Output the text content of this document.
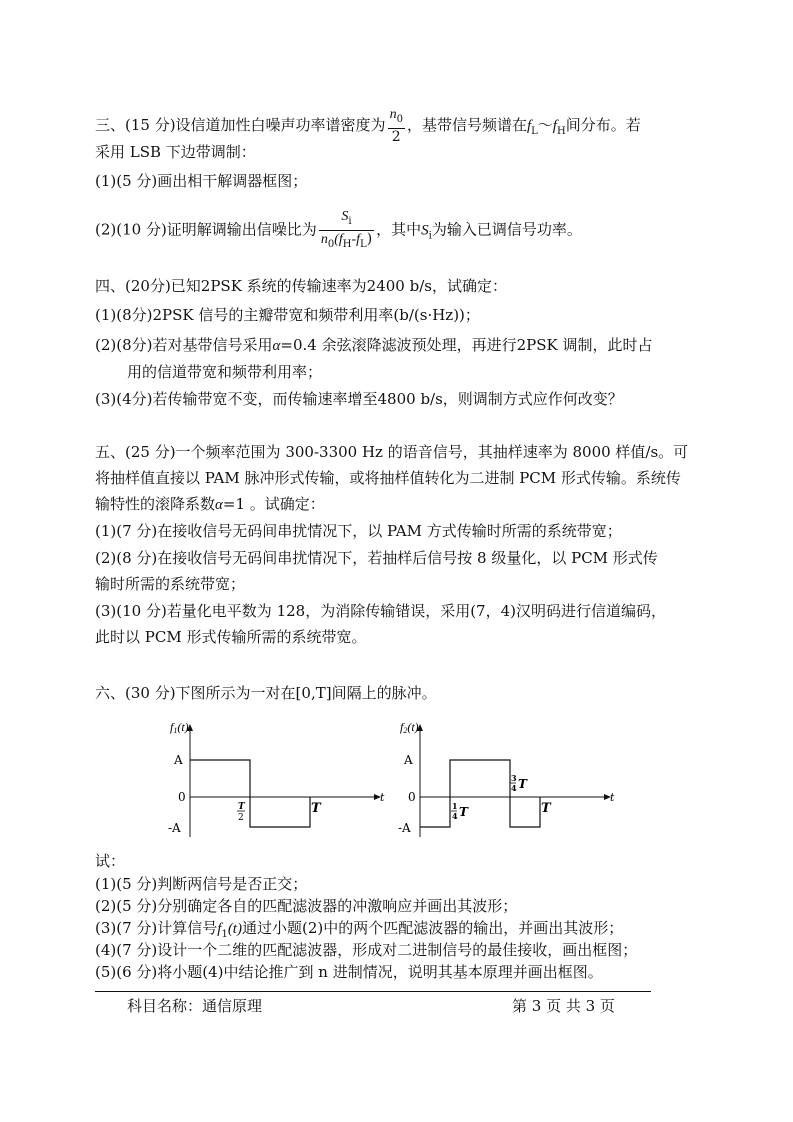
三、(15 分)设信道加性白噪声功率谱密度为 $\frac{n_0}{2}$ ，基带信号频谱在$f_L\sim f_H$间分布。若
采用 LSB 下边带调制：
(1)(5 分)画出相干解调器框图；
(2)(10 分)证明解调输出信噪比为 $\frac{S_i}{n_0(f_H-f_L)}$ ，其中$S_i$为输入已调信号功率。
四、(20分)已知2PSK 系统的传输速率为2400 b/s，试确定：
(1)(8分)2PSK 信号的主瓣带宽和频带利用率(b/(s·Hz))；
(2)(8分)若对基带信号采用α=0.4 余弦滚降滤波预处理，再进行2PSK 调制，此时占
用的信道带宽和频带利用率；
(3)(4分)若传输带宽不变，而传输速率增至4800 b/s，则调制方式应作何改变？
五、(25 分)一个频率范围为 300-3300 Hz 的语音信号，其抽样速率为 8000 样值/s。可
将抽样值直接以 PAM 脉冲形式传输，或将抽样值转化为二进制 PCM 形式传输。系统传
输特性的滚降系数α=1 。试确定：
(1)(7 分)在接收信号无码间串扰情况下，以 PAM 方式传输时所需的系统带宽；
(2)(8 分)在接收信号无码间串扰情况下，若抽样后信号按 8 级量化，以 PCM 形式传
输时所需的系统带宽；
(3)(10 分)若量化电平数为 128，为消除传输错误，采用(7，4)汉明码进行信道编码，
此时以 PCM 形式传输所需的系统带宽。
六、(30 分)下图所示为一对在[0,T]间隔上的脉冲。
f1(t)
A
0
-A
T
2
T
t
f2(t)
A
0
-A
1
4 T
3
4 T
T
t
试：
(1)(5 分)判断两信号是否正交；
(2)(5 分)分别确定各自的匹配滤波器的冲激响应并画出其波形；
(3)(7 分)计算信号$f_1(t)$通过小题(2)中的两个匹配滤波器的输出，并画出其波形；
(4)(7 分)设计一个二维的匹配滤波器，形成对二进制信号的最佳接收，画出框图；
(5)(6 分)将小题(4)中结论推广到 n 进制情况，说明其基本原理并画出框图。
科目名称：通信原理	第 3 页 共 3 页
